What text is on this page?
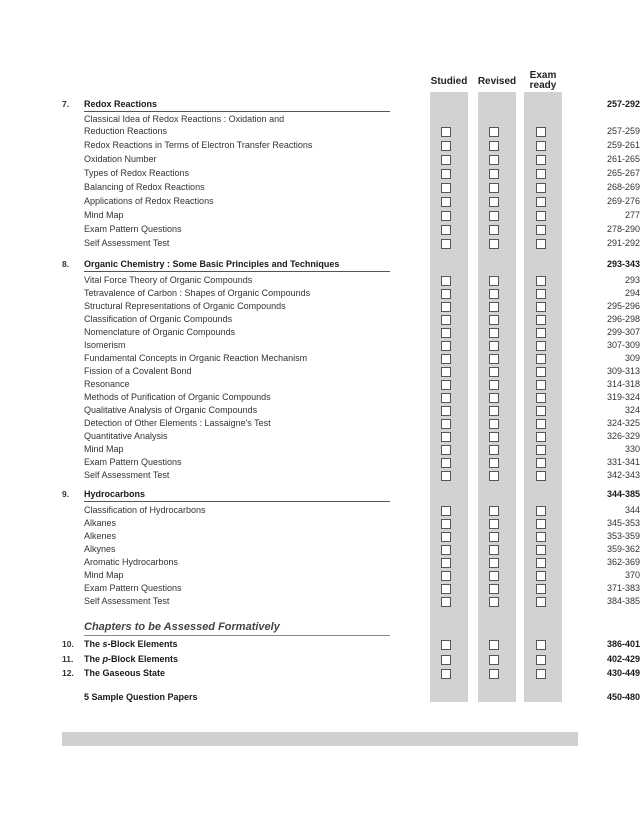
Studied	Revised
Exam
ready
7.	Redox Reactions	257-292
Classical Idea of Redox Reactions : Oxidation and
Reduction Reactions	257-259
Redox Reactions in Terms of Electron Transfer Reactions	259-261
Oxidation Number	261-265
Types of Redox Reactions	265-267
Balancing of Redox Reactions	268-269
Applications of Redox Reactions	269-276
Mind Map	277
Exam Pattern Questions	278-290
Self Assessment Test	291-292
8.	Organic Chemistry : Some Basic Principles and Techniques	293-343
Vital Force Theory of Organic Compounds	293
Tetravalence of Carbon : Shapes of Organic Compounds	294
Structural Representations of Organic Compounds	295-296
Classification of Organic Compounds	296-298
Nomenclature of Organic Compounds	299-307
Isomerism	307-309
Fundamental Concepts in Organic Reaction Mechanism	309
Fission of a Covalent Bond	309-313
Resonance	314-318
Methods of Purification of Organic Compounds	319-324
Qualitative Analysis of Organic Compounds	324
Detection of Other Elements : Lassaigne's Test	324-325
Quantitative Analysis	326-329
Mind Map	330
Exam Pattern Questions	331-341
Self Assessment Test	342-343
9.	Hydrocarbons	344-385
Classification of Hydrocarbons	344
Alkanes	345-353
Alkenes	353-359
Alkynes	359-362
Aromatic Hydrocarbons	362-369
Mind Map	370
Exam Pattern Questions	371-383
Self Assessment Test	384-385
Chapters to be Assessed Formatively
10.	The s-Block Elements	386-401
11.	The p-Block Elements	402-429
12.	The Gaseous State	430-449
5 Sample Question Papers	450-480
